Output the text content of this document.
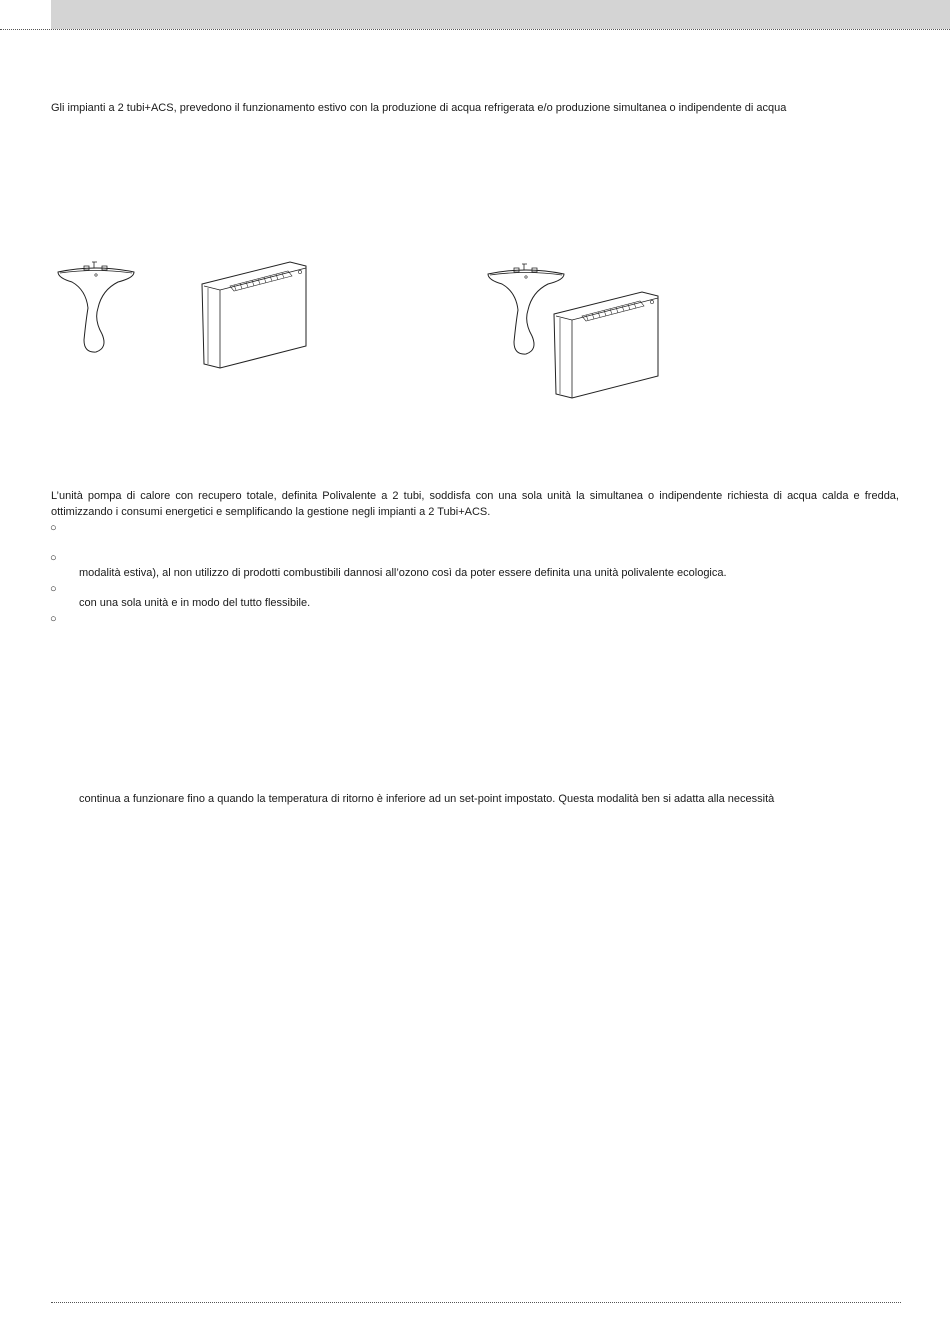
Gli impianti a 2 tubi+ACS, prevedono il funzionamento estivo con la produzione di acqua refrigerata e/o produzione simultanea o indipendente di acqua
L’unità pompa di calore con recupero totale, definita Polivalente a 2 tubi, soddisfa con una sola unità la simultanea o indipendente richiesta di acqua calda e fredda, ottimizzando i consumi energetici e semplificando la gestione negli impianti a 2 Tubi+ACS.
○
○
modalità estiva), al non utilizzo di prodotti combustibili dannosi all’ozono così da poter essere definita una unità polivalente ecologica.
○
con una sola unità e in modo del tutto flessibile.
○
continua a funzionare fino a quando la temperatura di ritorno è inferiore ad un set-point impostato. Questa modalità ben si adatta alla necessità
